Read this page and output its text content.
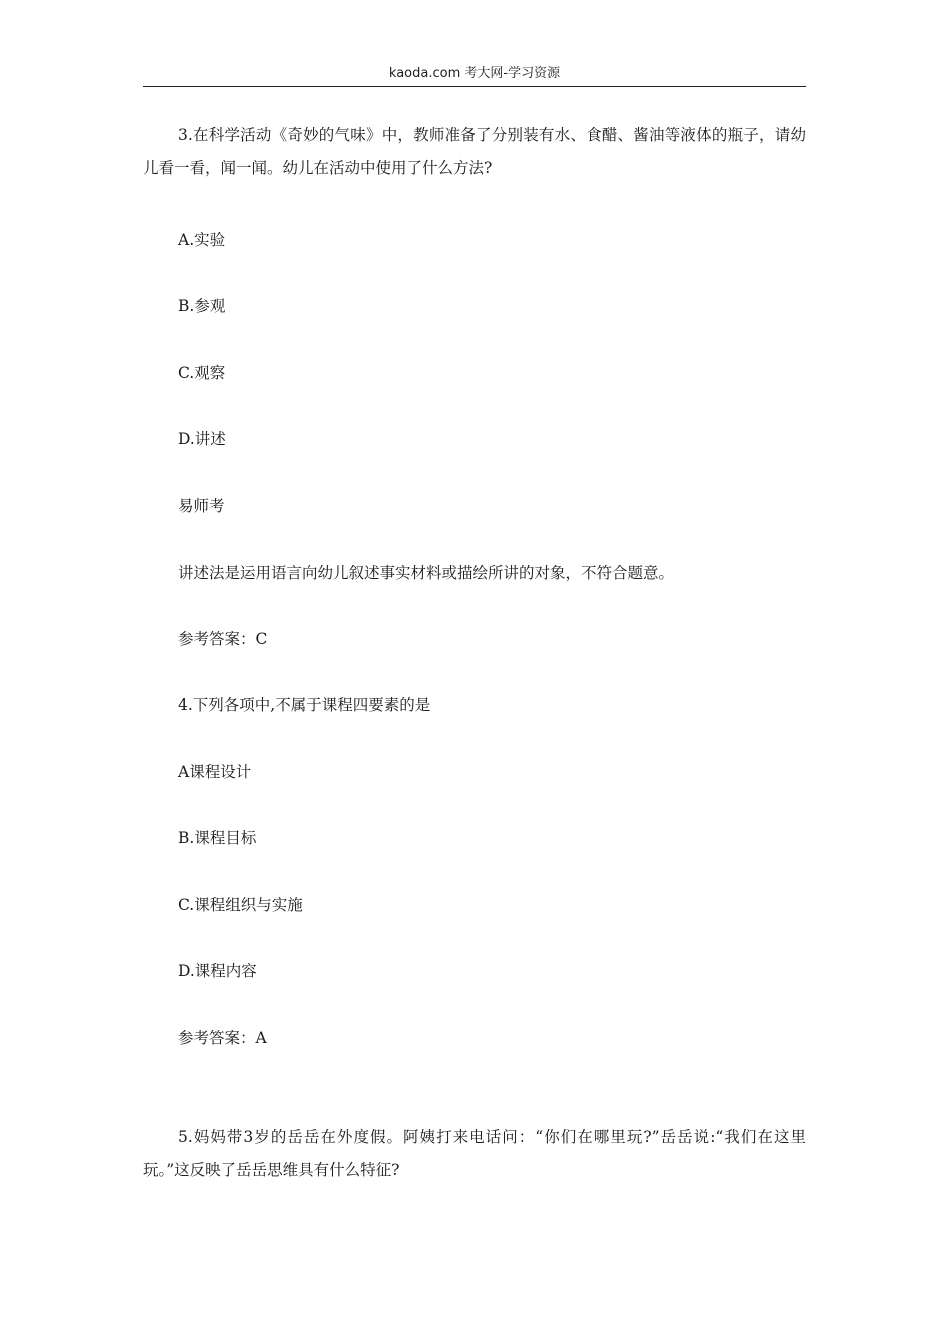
kaoda.com 考大网-学习资源
3.在科学活动《奇妙的气味》中，教师准备了分别装有水、食醋、酱油等液体的瓶子，请幼儿看一看，闻一闻。幼儿在活动中使用了什么方法?
A.实验
B.参观
C.观察
D.讲述
易师考
讲述法是运用语言向幼儿叙述事实材料或描绘所讲的对象，不符合题意。
参考答案：C
4.下列各项中,不属于课程四要素的是
A课程设计
B.课程目标
C.课程组织与实施
D.课程内容
参考答案：A
5.妈妈带3岁的岳岳在外度假。阿姨打来电话问：“你们在哪里玩?”岳岳说:“我们在这里玩。”这反映了岳岳思维具有什么特征?
